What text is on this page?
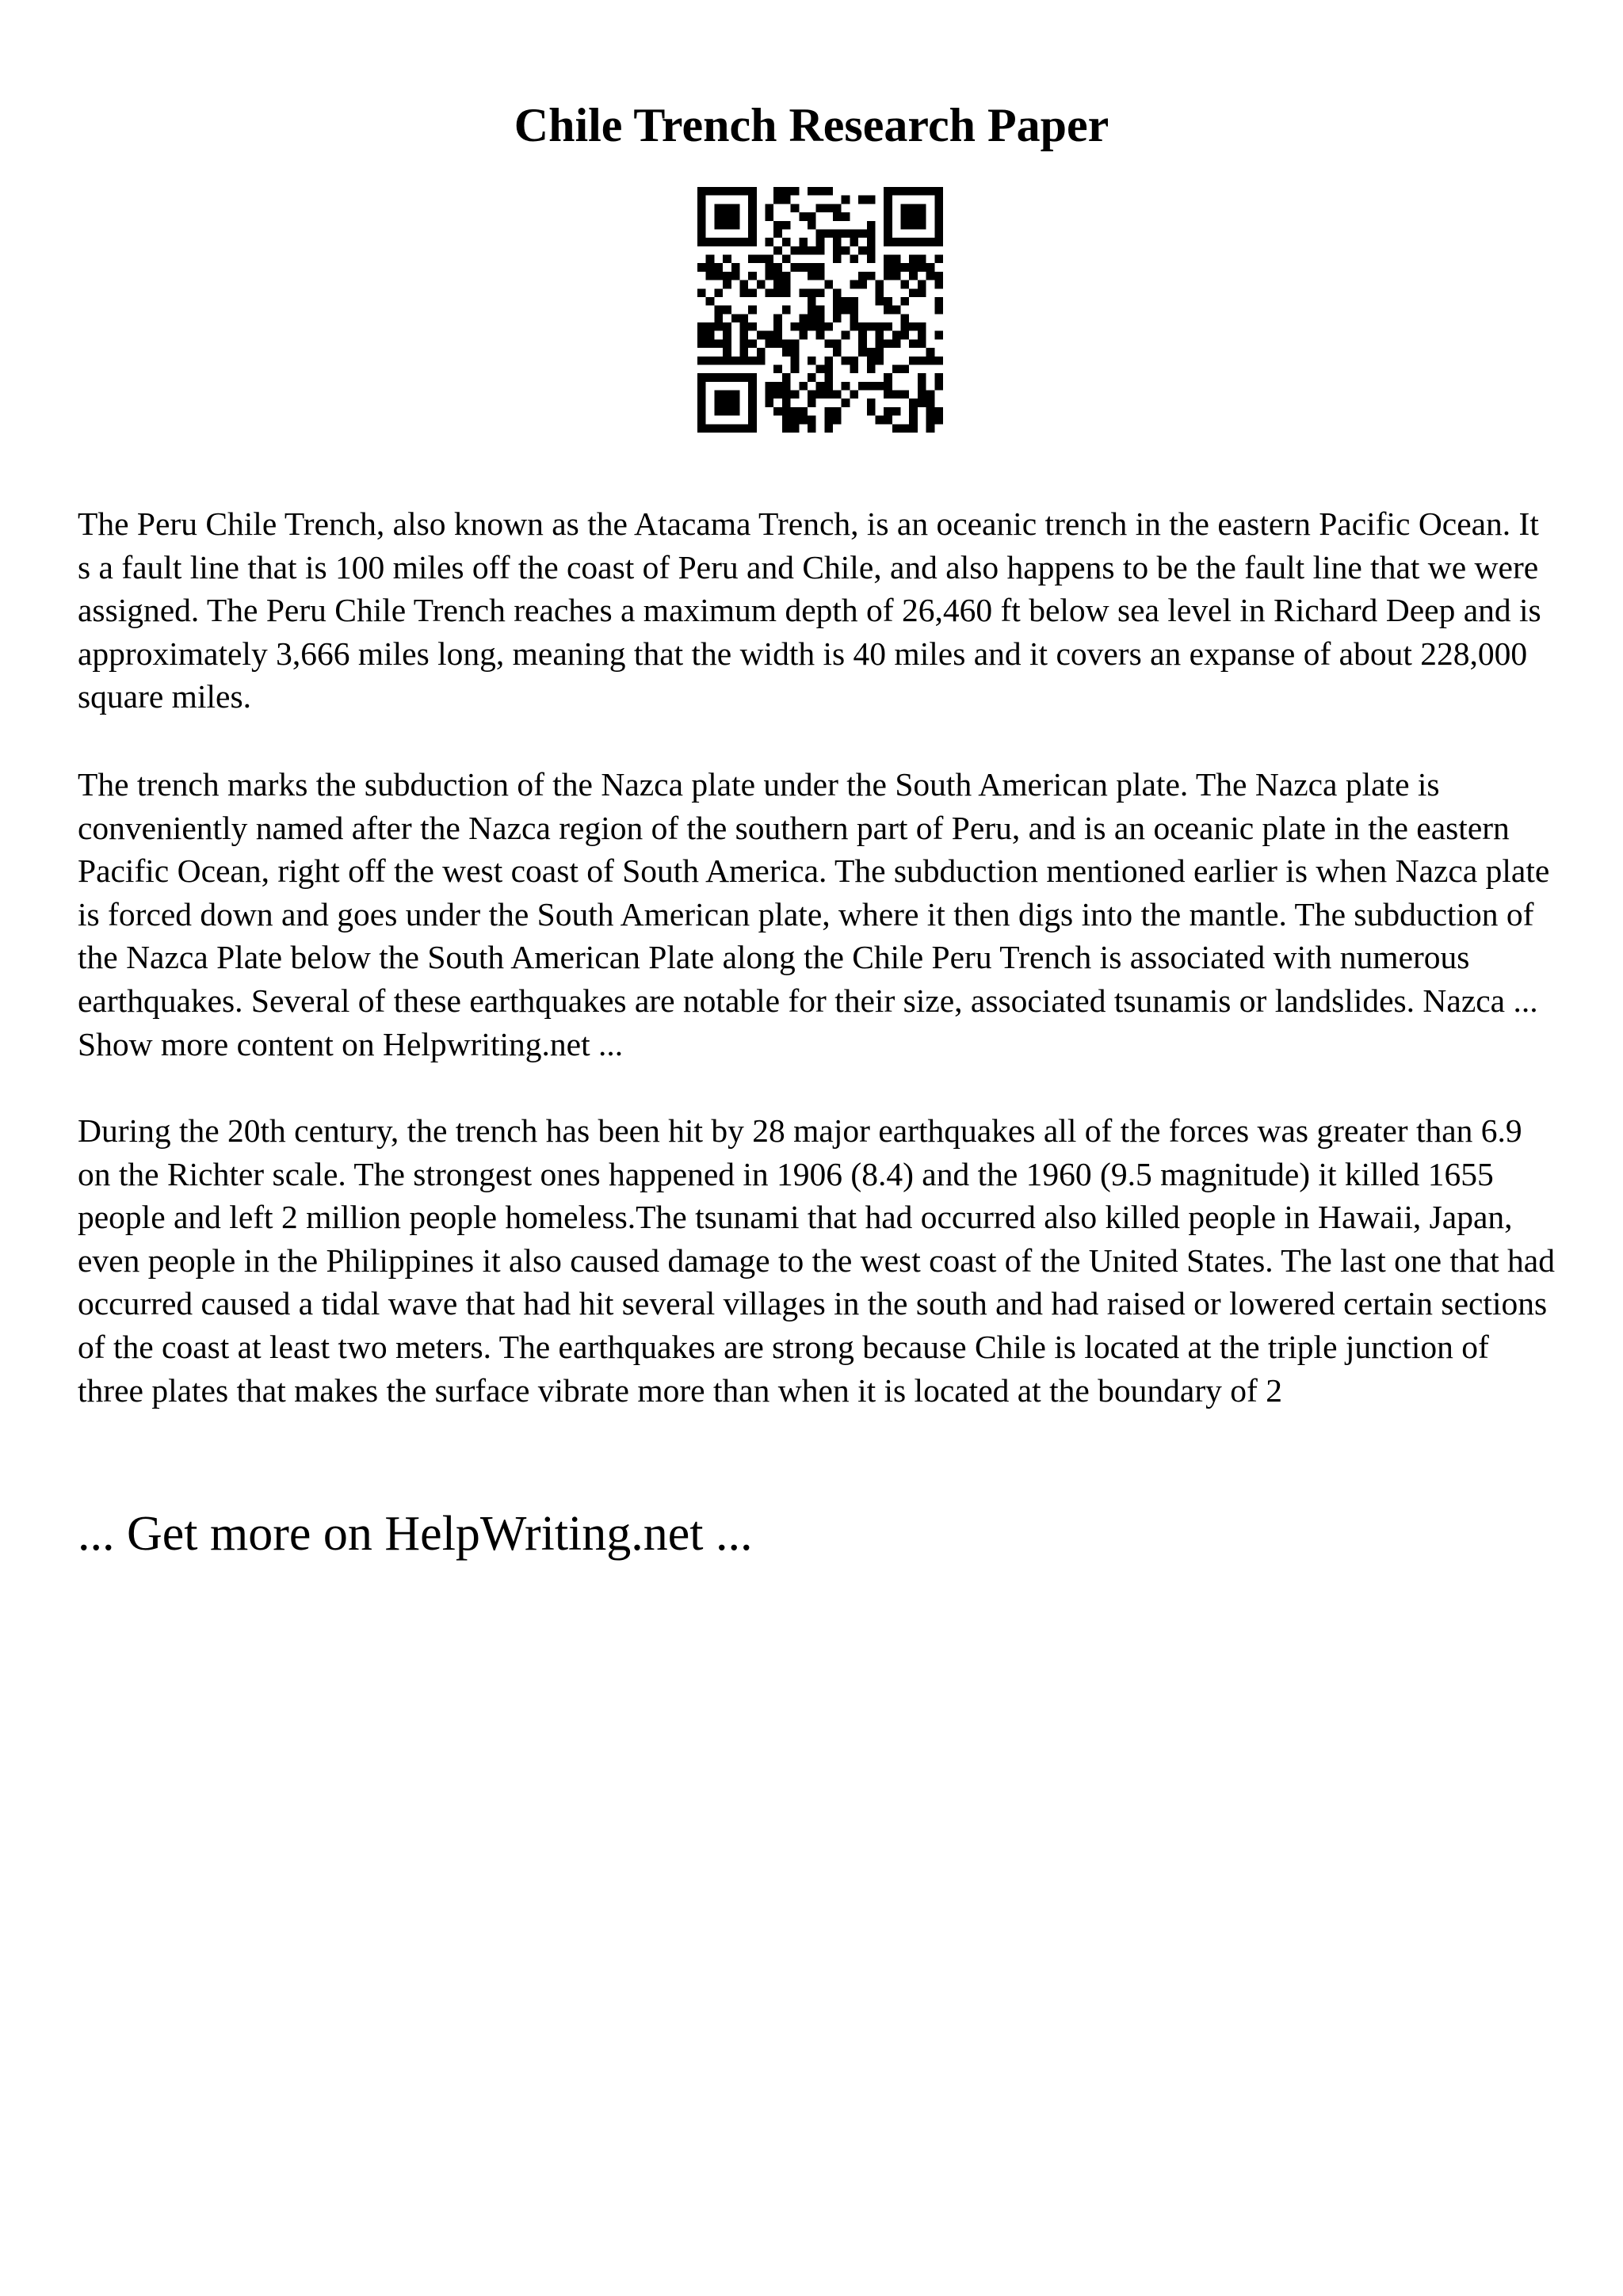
Chile Trench Research Paper

The Peru Chile Trench, also known as the Atacama Trench, is an oceanic trench in the eastern Pacific Ocean. It s a fault line that is 100 miles off the coast of Peru and Chile, and also happens to be the fault line that we were assigned. The Peru Chile Trench reaches a maximum depth of 26,460 ft below sea level in Richard Deep and is approximately 3,666 miles long, meaning that the width is 40 miles and it covers an expanse of about 228,000 square miles.

The trench marks the subduction of the Nazca plate under the South American plate. The Nazca plate is conveniently named after the Nazca region of the southern part of Peru, and is an oceanic plate in the eastern Pacific Ocean, right off the west coast of South America. The subduction mentioned earlier is when Nazca plate is forced down and goes under the South American plate, where it then digs into the mantle. The subduction of the Nazca Plate below the South American Plate along the Chile Peru Trench is associated with numerous earthquakes. Several of these earthquakes are notable for their size, associated tsunamis or landslides. Nazca ... Show more content on Helpwriting.net ...

During the 20th century, the trench has been hit by 28 major earthquakes all of the forces was greater than 6.9 on the Richter scale. The strongest ones happened in 1906 (8.4) and the 1960 (9.5 magnitude) it killed 1655 people and left 2 million people homeless.The tsunami that had occurred also killed people in Hawaii, Japan, even people in the Philippines it also caused damage to the west coast of the United States. The last one that had occurred caused a tidal wave that had hit several villages in the south and had raised or lowered certain sections of the coast at least two meters. The earthquakes are strong because Chile is located at the triple junction of three plates that makes the surface vibrate more than when it is located at the boundary of 2

... Get more on HelpWriting.net ...
